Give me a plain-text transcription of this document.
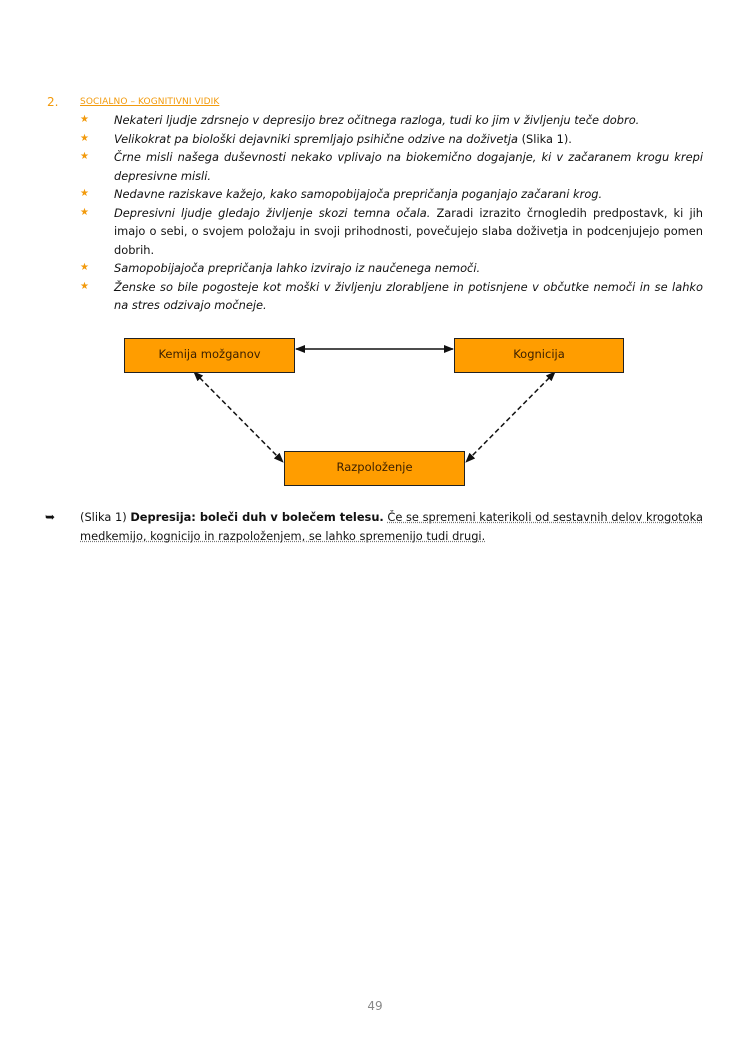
2. SOCIALNO – KOGNITIVNI VIDIK
★ Nekateri ljudje zdrsnejo v depresijo brez očitnega razloga, tudi ko jim v življenju teče dobro.
★ Velikokrat pa biološki dejavniki spremljajo psihične odzive na doživetja (Slika 1).
★ Črne misli našega duševnosti nekako vplivajo na biokemično dogajanje, ki v začaranem krogu krepi depresivne misli.
★ Nedavne raziskave kažejo, kako samopobijajoča prepričanja poganjajo začarani krog.
★ Depresivni ljudje gledajo življenje skozi temna očala. Zaradi izrazito črnogledih predpostavk, ki jih imajo o sebi, o svojem položaju in svoji prihodnosti, povečujejo slaba doživetja in podcenjujejo pomen dobrih.
★ Samopobijajoča prepričanja lahko izvirajo iz naučenega nemoči.
★ Ženske so bile pogosteje kot moški v življenju zlorabljene in potisnjene v občutke nemoči in se lahko na stres odzivajo močneje.
Kemija možganov	Kognicija
Razpoloženje
➥ (Slika 1) Depresija: boleči duh v bolečem telesu. Če se spremeni katerikoli od sestavnih delov krogotoka medkemijo, kognicijo in razpoloženjem, se lahko spremenijo tudi drugi.
49
